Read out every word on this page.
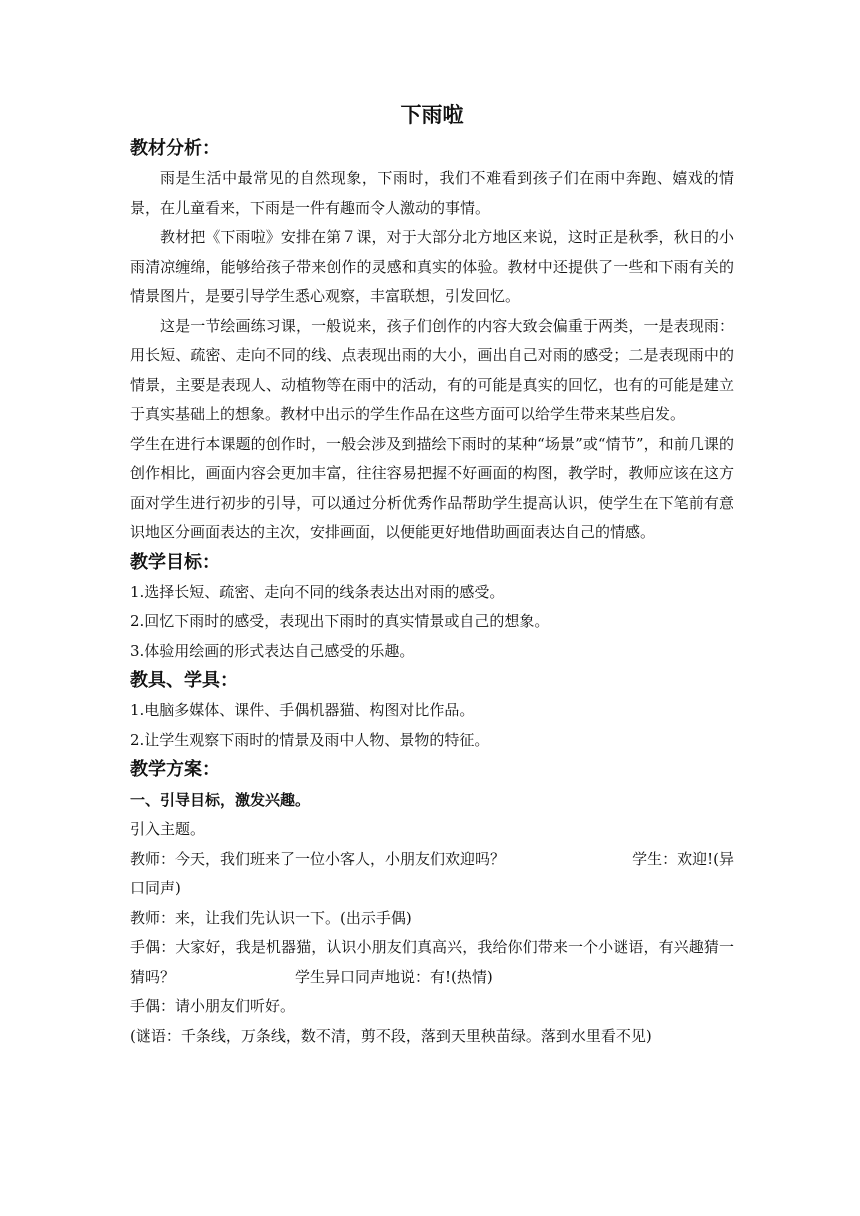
下雨啦
教材分析：

雨是生活中最常见的自然现象，下雨时，我们不难看到孩子们在雨中奔跑、嬉戏的情景，在儿童看来，下雨是一件有趣而令人激动的事情。

教材把《下雨啦》安排在第７课，对于大部分北方地区来说，这时正是秋季，秋日的小雨清凉缠绵，能够给孩子带来创作的灵感和真实的体验。教材中还提供了一些和下雨有关的情景图片，是要引导学生悉心观察，丰富联想，引发回忆。

这是一节绘画练习课，一般说来，孩子们创作的内容大致会偏重于两类，一是表现雨：用长短、疏密、走向不同的线、点表现出雨的大小，画出自己对雨的感受；二是表现雨中的情景，主要是表现人、动植物等在雨中的活动，有的可能是真实的回忆，也有的可能是建立于真实基础上的想象。教材中出示的学生作品在这些方面可以给学生带来某些启发。

学生在进行本课题的创作时，一般会涉及到描绘下雨时的某种“场景”或“情节”，和前几课的创作相比，画面内容会更加丰富，往往容易把握不好画面的构图，教学时，教师应该在这方面对学生进行初步的引导，可以通过分析优秀作品帮助学生提高认识，使学生在下笔前有意识地区分画面表达的主次，安排画面，以便能更好地借助画面表达自己的情感。

教学目标：

1.选择长短、疏密、走向不同的线条表达出对雨的感受。

2.回忆下雨时的感受，表现出下雨时的真实情景或自己的想象。

3.体验用绘画的形式表达自己感受的乐趣。

教具、学具：

1.电脑多媒体、课件、手偶机器猫、构图对比作品。

2.让学生观察下雨时的情景及雨中人物、景物的特征。

教学方案：
一、引导目标，激发兴趣。

引入主题。

教师：今天，我们班来了一位小客人，小朋友们欢迎吗？	学生：欢迎!(异

口同声)

教师：来，让我们先认识一下。(出示手偶)

手偶：大家好，我是机器猫，认识小朋友们真高兴，我给你们带来一个小谜语，有兴趣猜一猜吗？	学生异口同声地说：有!(热情)

手偶：请小朋友们听好。

(谜语：千条线，万条线，数不清，剪不段，落到天里秧苗绿。落到水里看不见)
